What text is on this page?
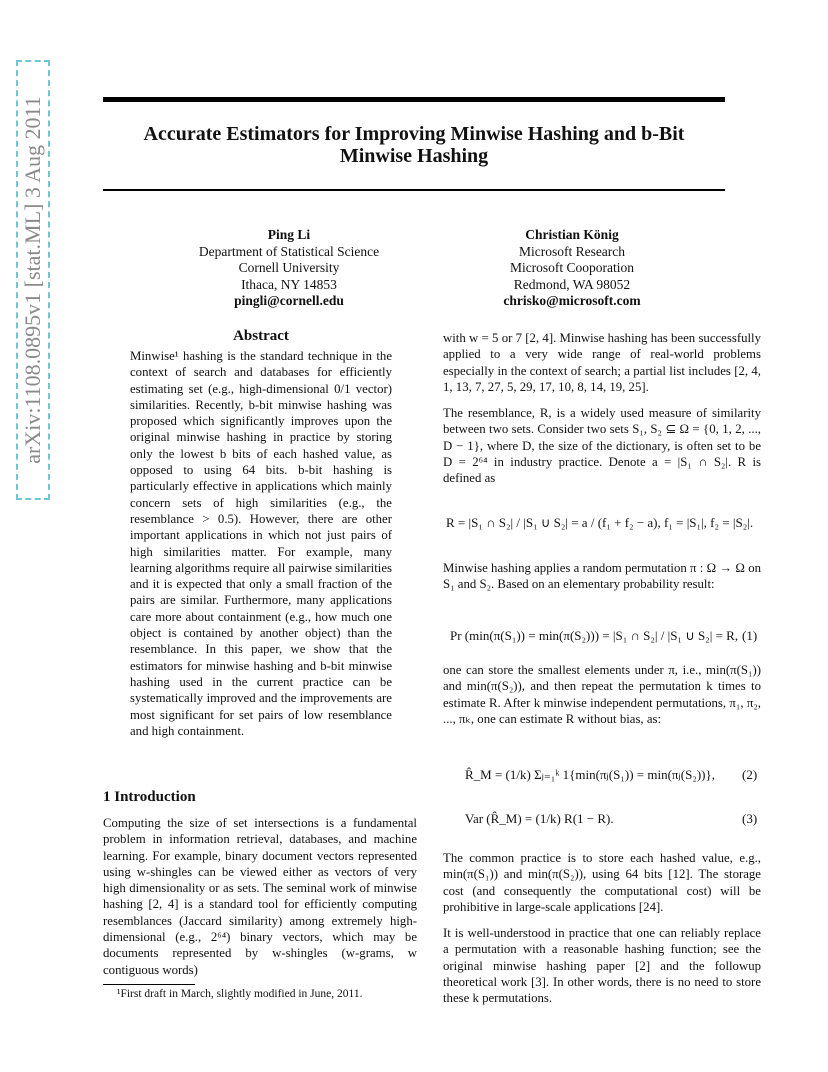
Accurate Estimators for Improving Minwise Hashing and b-Bit
Minwise Hashing
arXiv:1108.0895v1 [stat.ML] 3 Aug 2011	Ping Li
Department of Statistical Science
Cornell University
Ithaca, NY 14853
pingli@cornell.edu
Christian König
Microsoft Research
Microsoft Cooporation
Redmond, WA 98052
chrisko@microsoft.com
Abstract
Minwise¹ hashing is the standard technique in the context of search and databases for efficiently estimating set (e.g., high-dimensional 0/1 vector) similarities. Recently, b-bit minwise hashing was proposed which significantly improves upon the original minwise hashing in practice by storing only the lowest b bits of each hashed value, as opposed to using 64 bits. b-bit hashing is particularly effective in applications which mainly concern sets of high similarities (e.g., the resemblance > 0.5). However, there are other important applications in which not just pairs of high similarities matter. For example, many learning algorithms require all pairwise similarities and it is expected that only a small fraction of the pairs are similar. Furthermore, many applications care more about containment (e.g., how much one object is contained by another object) than the resemblance. In this paper, we show that the estimators for minwise hashing and b-bit minwise hashing used in the current practice can be systematically improved and the improvements are most significant for set pairs of low resemblance and high containment.
1 Introduction
Computing the size of set intersections is a fundamental problem in information retrieval, databases, and machine learning. For example, binary document vectors represented using w-shingles can be viewed either as vectors of very high dimensionality or as sets. The seminal work of minwise hashing [2, 4] is a standard tool for efficiently computing resemblances (Jaccard similarity) among extremely high-dimensional (e.g., 2⁶⁴) binary vectors, which may be documents represented by w-shingles (w-grams, w contiguous words)
¹First draft in March, slightly modified in June, 2011.

with w = 5 or 7 [2, 4]. Minwise hashing has been successfully applied to a very wide range of real-world problems especially in the context of search; a partial list includes [2, 4, 1, 13, 7, 27, 5, 29, 17, 10, 8, 14, 19, 25].

The resemblance, R, is a widely used measure of similarity between two sets. Consider two sets S₁, S₂ ⊆ Ω = {0, 1, 2, ..., D − 1}, where D, the size of the dictionary, is often set to be D = 2⁶⁴ in industry practice. Denote a = |S₁ ∩ S₂|. R is defined as

R = |S₁ ∩ S₂| / |S₁ ∪ S₂| = a / (f₁ + f₂ − a), f₁ = |S₁|, f₂ = |S₂|.
Minwise hashing applies a random permutation π : Ω → Ω on S₁ and S₂. Based on an elementary probability result:
Pr (min(π(S₁)) = min(π(S₂))) = |S₁ ∩ S₂| / |S₁ ∪ S₂| = R, (1)
one can store the smallest elements under π, i.e., min(π(S₁)) and min(π(S₂)), and then repeat the permutation k times to estimate R. After k minwise independent permutations, π₁, π₂, ..., πₖ, one can estimate R without bias, as:
R̂_M = (1/k) Σⱼ₌₁ᵏ 1{min(πⱼ(S₁)) = min(πⱼ(S₂))}, (2)
Var (R̂_M) = (1/k) R(1 − R).	(3)

The common practice is to store each hashed value, e.g., min(π(S₁)) and min(π(S₂)), using 64 bits [12]. The storage cost (and consequently the computational cost) will be prohibitive in large-scale applications [24].

It is well-understood in practice that one can reliably replace a permutation with a reasonable hashing function; see the original minwise hashing paper [2] and the followup theoretical work [3]. In other words, there is no need to store these k permutations.
